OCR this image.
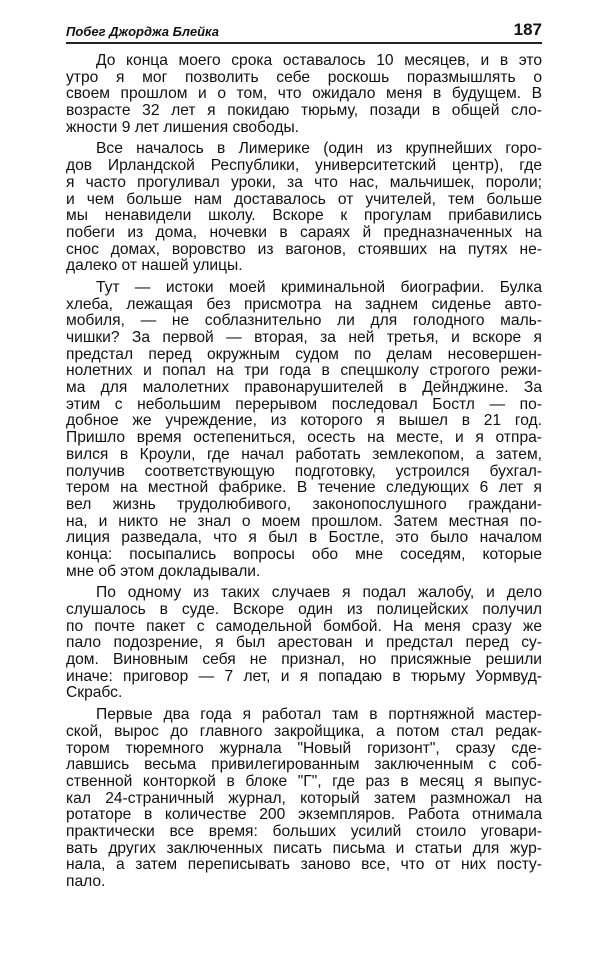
Побег Джорджа Блейка	187
До конца моего срока оставалось 10 месяцев, и в это
утро я мог позволить себе роскошь поразмышлять о
своем прошлом и о том, что ожидало меня в будущем. В
возрасте 32 лет я покидаю тюрьму, позади в общей сло-
жности 9 лет лишения свободы.
Все началось в Лимерике (один из крупнейших горо-
дов Ирландской Республики, университетский центр), где
я часто прогуливал уроки, за что нас, мальчишек, пороли;
и чем больше нам доставалось от учителей, тем больше
мы ненавидели школу. Вскоре к прогулам прибавились
побеги из дома, ночевки в сараях й предназначенных на
снос домах, воровство из вагонов, стоявших на путях не-
далеко от нашей улицы.
Тут — истоки моей криминальной биографии. Булка
хлеба, лежащая без присмотра на заднем сиденье авто-
мобиля, — не соблазнительно ли для голодного маль-
чишки? За первой — вторая, за ней третья, и вскоре я
предстал перед окружным судом по делам несовершен-
нолетних и попал на три года в спецшколу строгого режи-
ма для малолетних правонарушителей в Дейнджине. За
этим с небольшим перерывом последовал Бостл — по-
добное же учреждение, из которого я вышел в 21 год.
Пришло время остепениться, осесть на месте, и я отпра-
вился в Кроули, где начал работать землекопом, а затем,
получив соответствующую подготовку, устроился бухгал-
тером на местной фабрике. В течение следующих 6 лет я
вел жизнь трудолюбивого, законопослушного граждани-
на, и никто не знал о моем прошлом. Затем местная по-
лиция разведала, что я был в Бостле, это было началом
конца: посыпались вопросы обо мне соседям, которые
мне об этом докладывали.
По одному из таких случаев я подал жалобу, и дело
слушалось в суде. Вскоре один из полицейских получил
по почте пакет с самодельной бомбой. На меня сразу же
пало подозрение, я был арестован и предстал перед су-
дом. Виновным себя не признал, но присяжные решили
иначе: приговор — 7 лет, и я попадаю в тюрьму Уормвуд-
Скрабс.
Первые два года я работал там в портняжной мастер-
ской, вырос до главного закройщика, а потом стал редак-
тором тюремного журнала "Новый горизонт", сразу сде-
лавшись весьма привилегированным заключенным с соб-
ственной конторкой в блоке "Г", где раз в месяц я выпус-
кал 24-страничный журнал, который затем размножал на
ротаторе в количестве 200 экземпляров. Работа отнимала
практически все время: больших усилий стоило уговари-
вать других заключенных писать письма и статьи для жур-
нала, а затем переписывать заново все, что от них посту-
пало.
